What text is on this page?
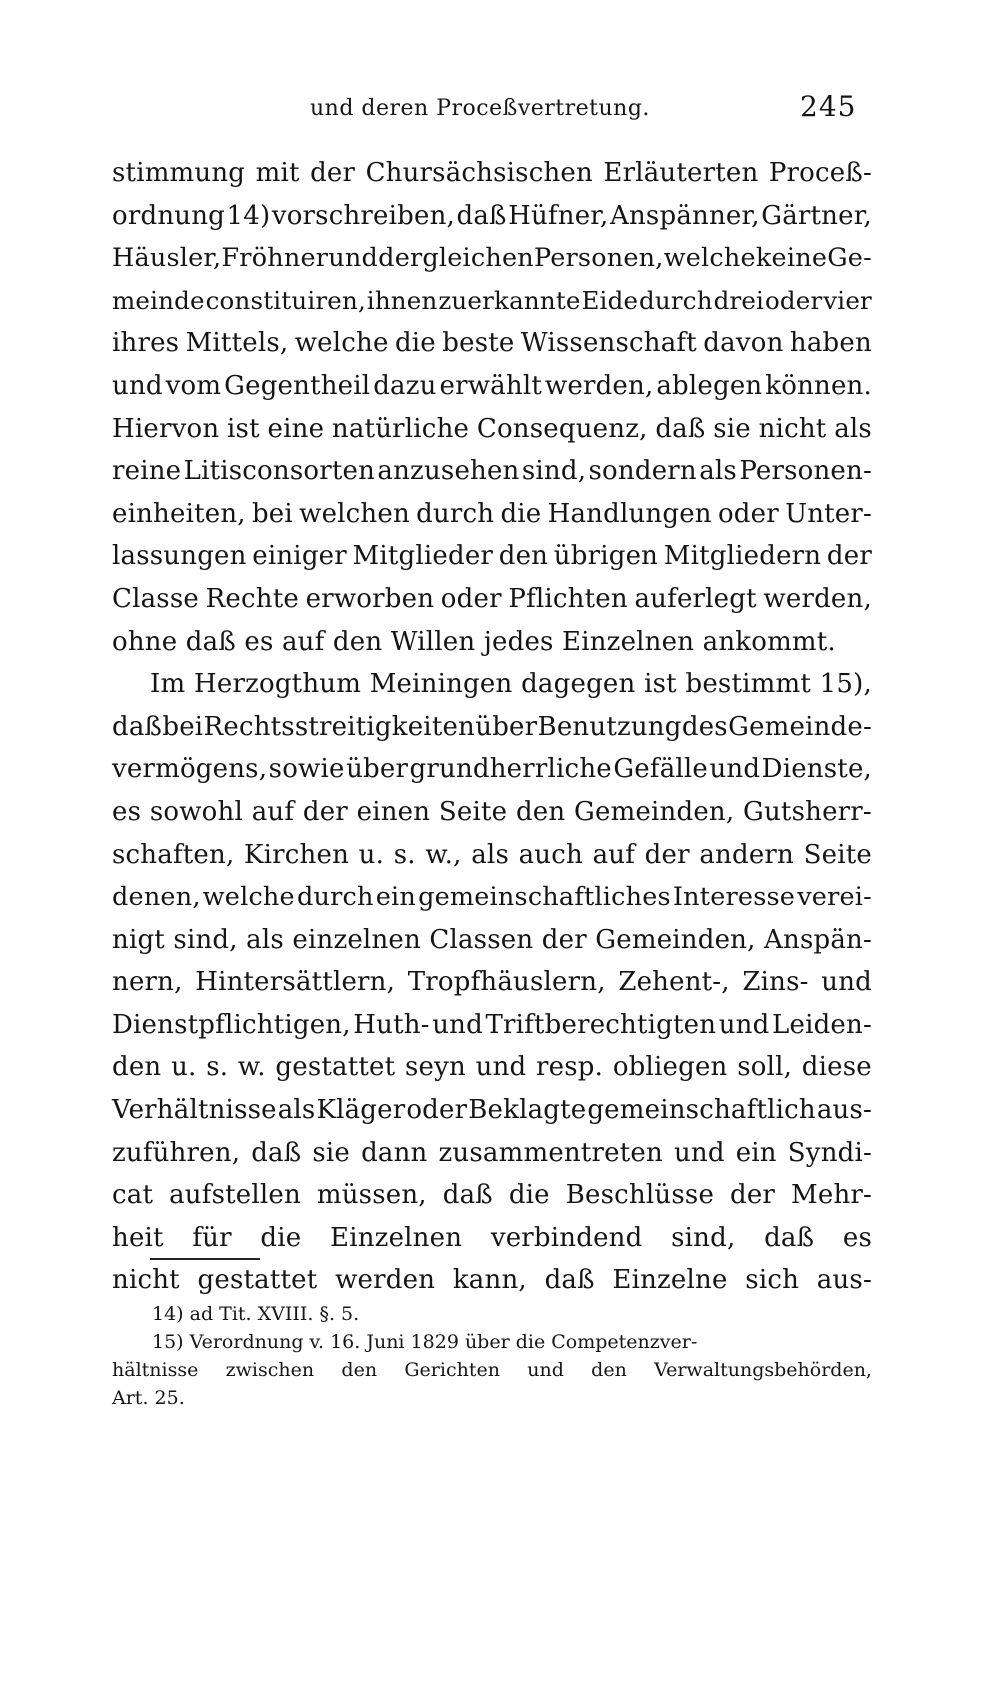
und deren Proceßvertretung.	245
stimmung mit der Chursächsischen Erläuterten Proceß-
ordnung 14) vorschreiben, daß Hüfner, Anspänner, Gärtner,
Häusler, Fröhner und dergleichen Personen, welche keine Ge-
meinde constituiren, ihnen zuerkannte Eide durch drei oder vier
ihres Mittels, welche die beste Wissenschaft davon haben
und vom Gegentheil dazu erwählt werden, ablegen können.
Hiervon ist eine natürliche Consequenz, daß sie nicht als
reine Litisconsorten anzusehen sind, sondern als Personen-
einheiten, bei welchen durch die Handlungen oder Unter-
lassungen einiger Mitglieder den übrigen Mitgliedern der
Classe Rechte erworben oder Pflichten auferlegt werden,
ohne daß es auf den Willen jedes Einzelnen ankommt.
Im Herzogthum Meiningen dagegen ist bestimmt 15),
daß bei Rechtsstreitigkeiten über Benutzung des Gemeinde-
vermögens, sowie über grundherrliche Gefälle und Dienste,
es sowohl auf der einen Seite den Gemeinden, Gutsherr-
schaften, Kirchen u. s. w., als auch auf der andern Seite
denen, welche durch ein gemeinschaftliches Interesse verei-
nigt sind, als einzelnen Classen der Gemeinden, Anspän-
nern, Hintersättlern, Tropfhäuslern, Zehent-, Zins- und
Dienstpflichtigen, Huth- und Triftberechtigten und Leiden-
den u. s. w. gestattet seyn und resp. obliegen soll, diese
Verhältnisse als Kläger oder Beklagte gemeinschaftlich aus-
zuführen, daß sie dann zusammentreten und ein Syndi-
cat aufstellen müssen, daß die Beschlüsse der Mehr-
heit für die Einzelnen verbindend sind, daß es
nicht gestattet werden kann, daß Einzelne sich aus-
14) ad Tit. XVIII. §. 5.
15) Verordnung v. 16. Juni 1829 über die Competenzver-
hältnisse zwischen den Gerichten und den Verwaltungsbehörden,
Art. 25.
